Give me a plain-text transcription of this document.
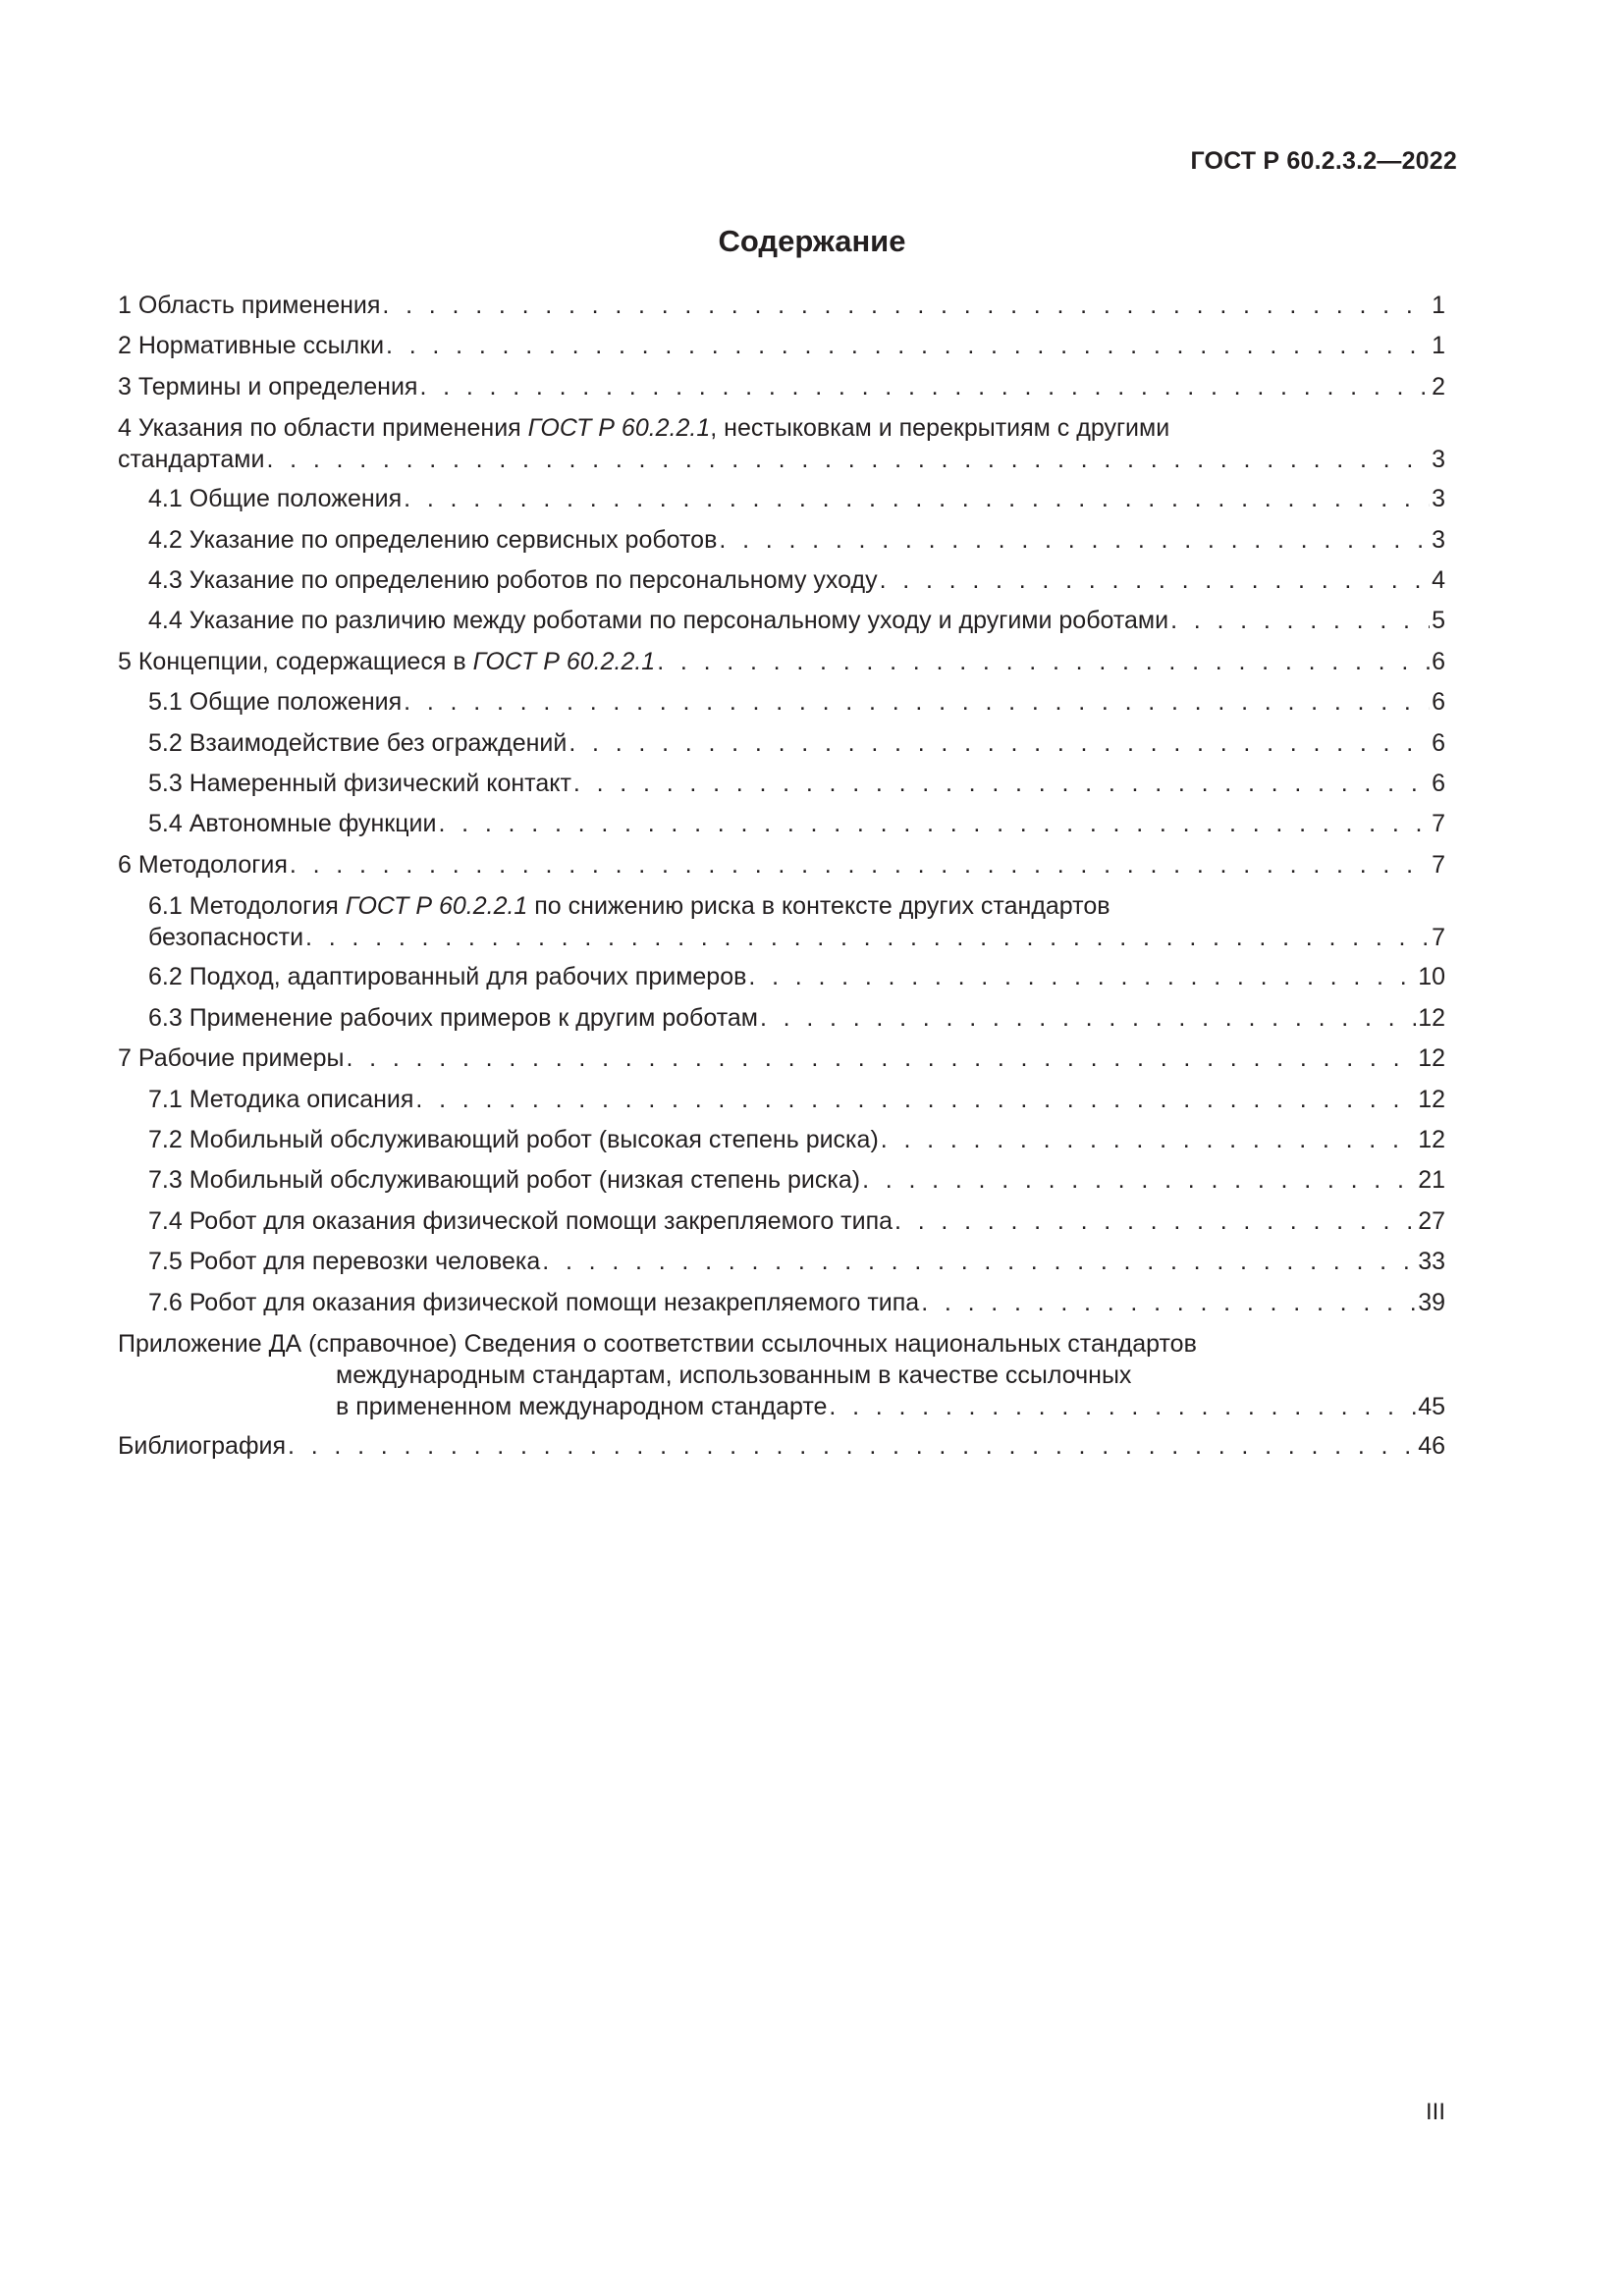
ГОСТ Р 60.2.3.2—2022
Содержание
1 Область применения . . .	1
2 Нормативные ссылки . . .	1
3 Термины и определения . . .	2
4 Указания по области применения ГОСТ Р 60.2.2.1, нестыковкам и перекрытиям с другими
стандартами . . .	3
4.1 Общие положения . . .	3
4.2 Указание по определению сервисных роботов . . .	3
4.3 Указание по определению роботов по персональному уходу . . .	4
4.4 Указание по различию между роботами по персональному уходу и другими роботами . . .	5
5 Концепции, содержащиеся в ГОСТ Р 60.2.2.1 . . .	6
5.1 Общие положения . . .	6
5.2 Взаимодействие без ограждений . . .	6
5.3 Намеренный физический контакт . . .	6
5.4 Автономные функции . . .	7
6 Методология . . .	7
6.1 Методология ГОСТ Р 60.2.2.1 по снижению риска в контексте других стандартов
безопасности . . .	7
6.2 Подход, адаптированный для рабочих примеров . . .	10
6.3 Применение рабочих примеров к другим роботам . . .	12
7 Рабочие примеры . . .	12
7.1 Методика описания . . .	12
7.2 Мобильный обслуживающий робот (высокая степень риска) . . .	12
7.3 Мобильный обслуживающий робот (низкая степень риска) . . .	21
7.4 Робот для оказания физической помощи закрепляемого типа . . .	27
7.5 Робот для перевозки человека . . .	33
7.6 Робот для оказания физической помощи незакрепляемого типа . . .	39
Приложение ДА (справочное) Сведения о соответствии ссылочных национальных стандартов
международным стандартам, использованным в качестве ссылочных
в примененном международном стандарте . . .	45
Библиография . . .	46
III
